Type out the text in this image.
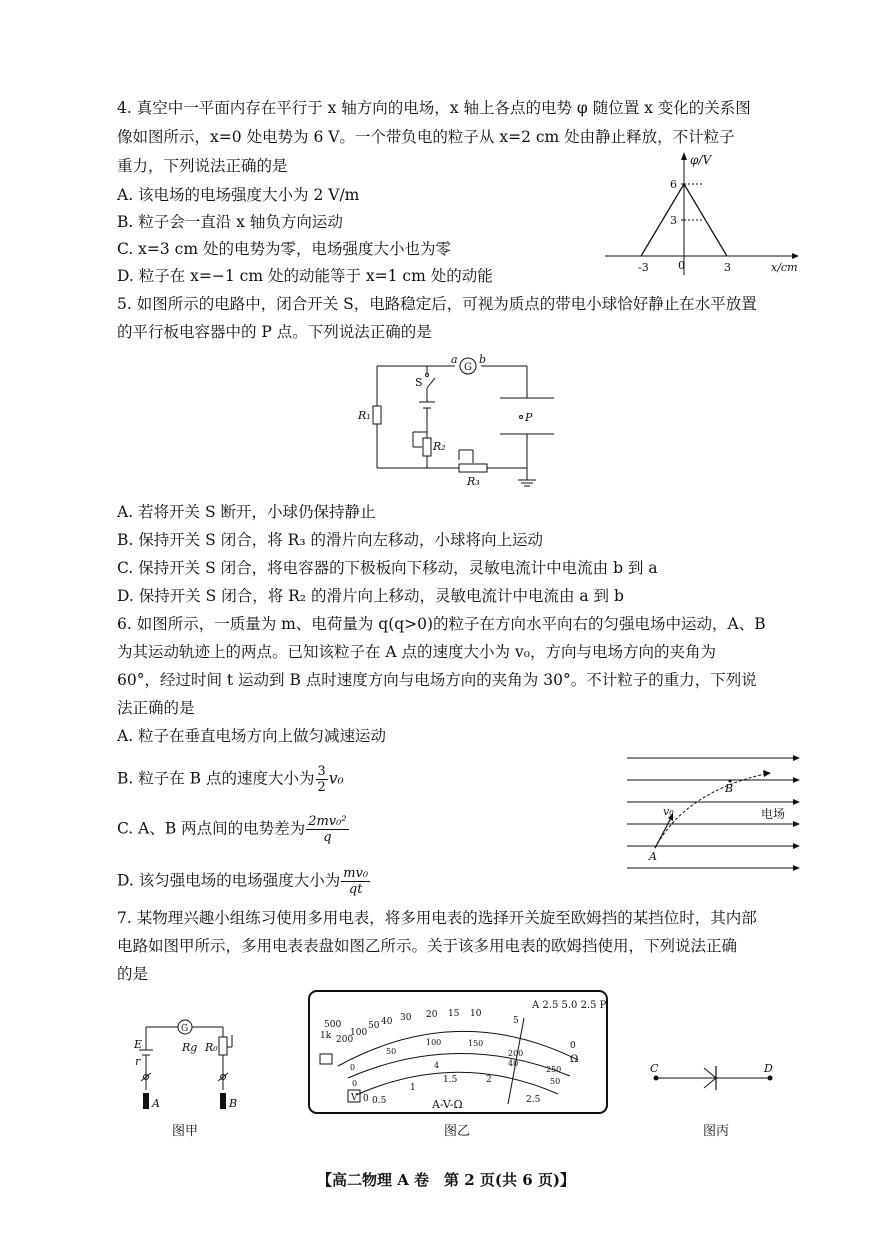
4. 真空中一平面内存在平行于 x 轴方向的电场，x 轴上各点的电势 φ 随位置 x 变化的关系图
像如图所示，x=0 处电势为 6 V。一个带负电的粒子从 x=2 cm 处由静止释放，不计粒子
重力，下列说法正确的是
A. 该电场的电场强度大小为 2 V/m
B. 粒子会一直沿 x 轴负方向运动
C. x=3 cm 处的电势为零，电场强度大小也为零
D. 粒子在 x=−1 cm 处的动能等于 x=1 cm 处的动能
φ/V
x/cm
6
3
-3	3
0
5. 如图所示的电路中，闭合开关 S，电路稳定后，可视为质点的带电小球恰好静止在水平放置
的平行板电容器中的 P 点。下列说法正确的是
G
a b
S
R₁
R₂
R₃
P
A. 若将开关 S 断开，小球仍保持静止
B. 保持开关 S 闭合，将 R₃ 的滑片向左移动，小球将向上运动
C. 保持开关 S 闭合，将电容器的下极板向下移动，灵敏电流计中电流由 b 到 a
D. 保持开关 S 闭合，将 R₂ 的滑片向上移动，灵敏电流计中电流由 a 到 b
6. 如图所示，一质量为 m、电荷量为 q(q>0)的粒子在方向水平向右的匀强电场中运动，A、B
为其运动轨迹上的两点。已知该粒子在 A 点的速度大小为 v₀，方向与电场方向的夹角为
60°，经过时间 t 运动到 B 点时速度方向与电场方向的夹角为 30°。不计粒子的重力，下列说
法正确的是
A. 粒子在垂直电场方向上做匀减速运动
B. 粒子在 B 点的速度大小为 $\frac{3}{2} v_0$
C. A、B 两点间的电势差为 $\frac{\text{2mv₀²}}{q}$
D. 该匀强电场的电场强度大小为 $\frac{\text{mv₀}}{qt}$
A
B
v₀	电场
7. 某物理兴趣小组练习使用多用电表，将多用电表的选择开关旋至欧姆挡的某挡位时，其内部
电路如图甲所示，多用电表表盘如图乙所示。关于该多用电表的欧姆挡使用，下列说法正确
的是
G
E
r
Rg R₀
A	B
图甲
500
1k 200
100
50 40 30 20 15 10
5
0
Ω
A 2.5 5.0 2.5 P
0
50
100	150
200
250
0
40
50
0 0.5
1
1.5	2
2.5
4
V	A-V-Ω
图乙
C	D
图丙
【高二物理 A 卷　第 2 页(共 6 页)】
